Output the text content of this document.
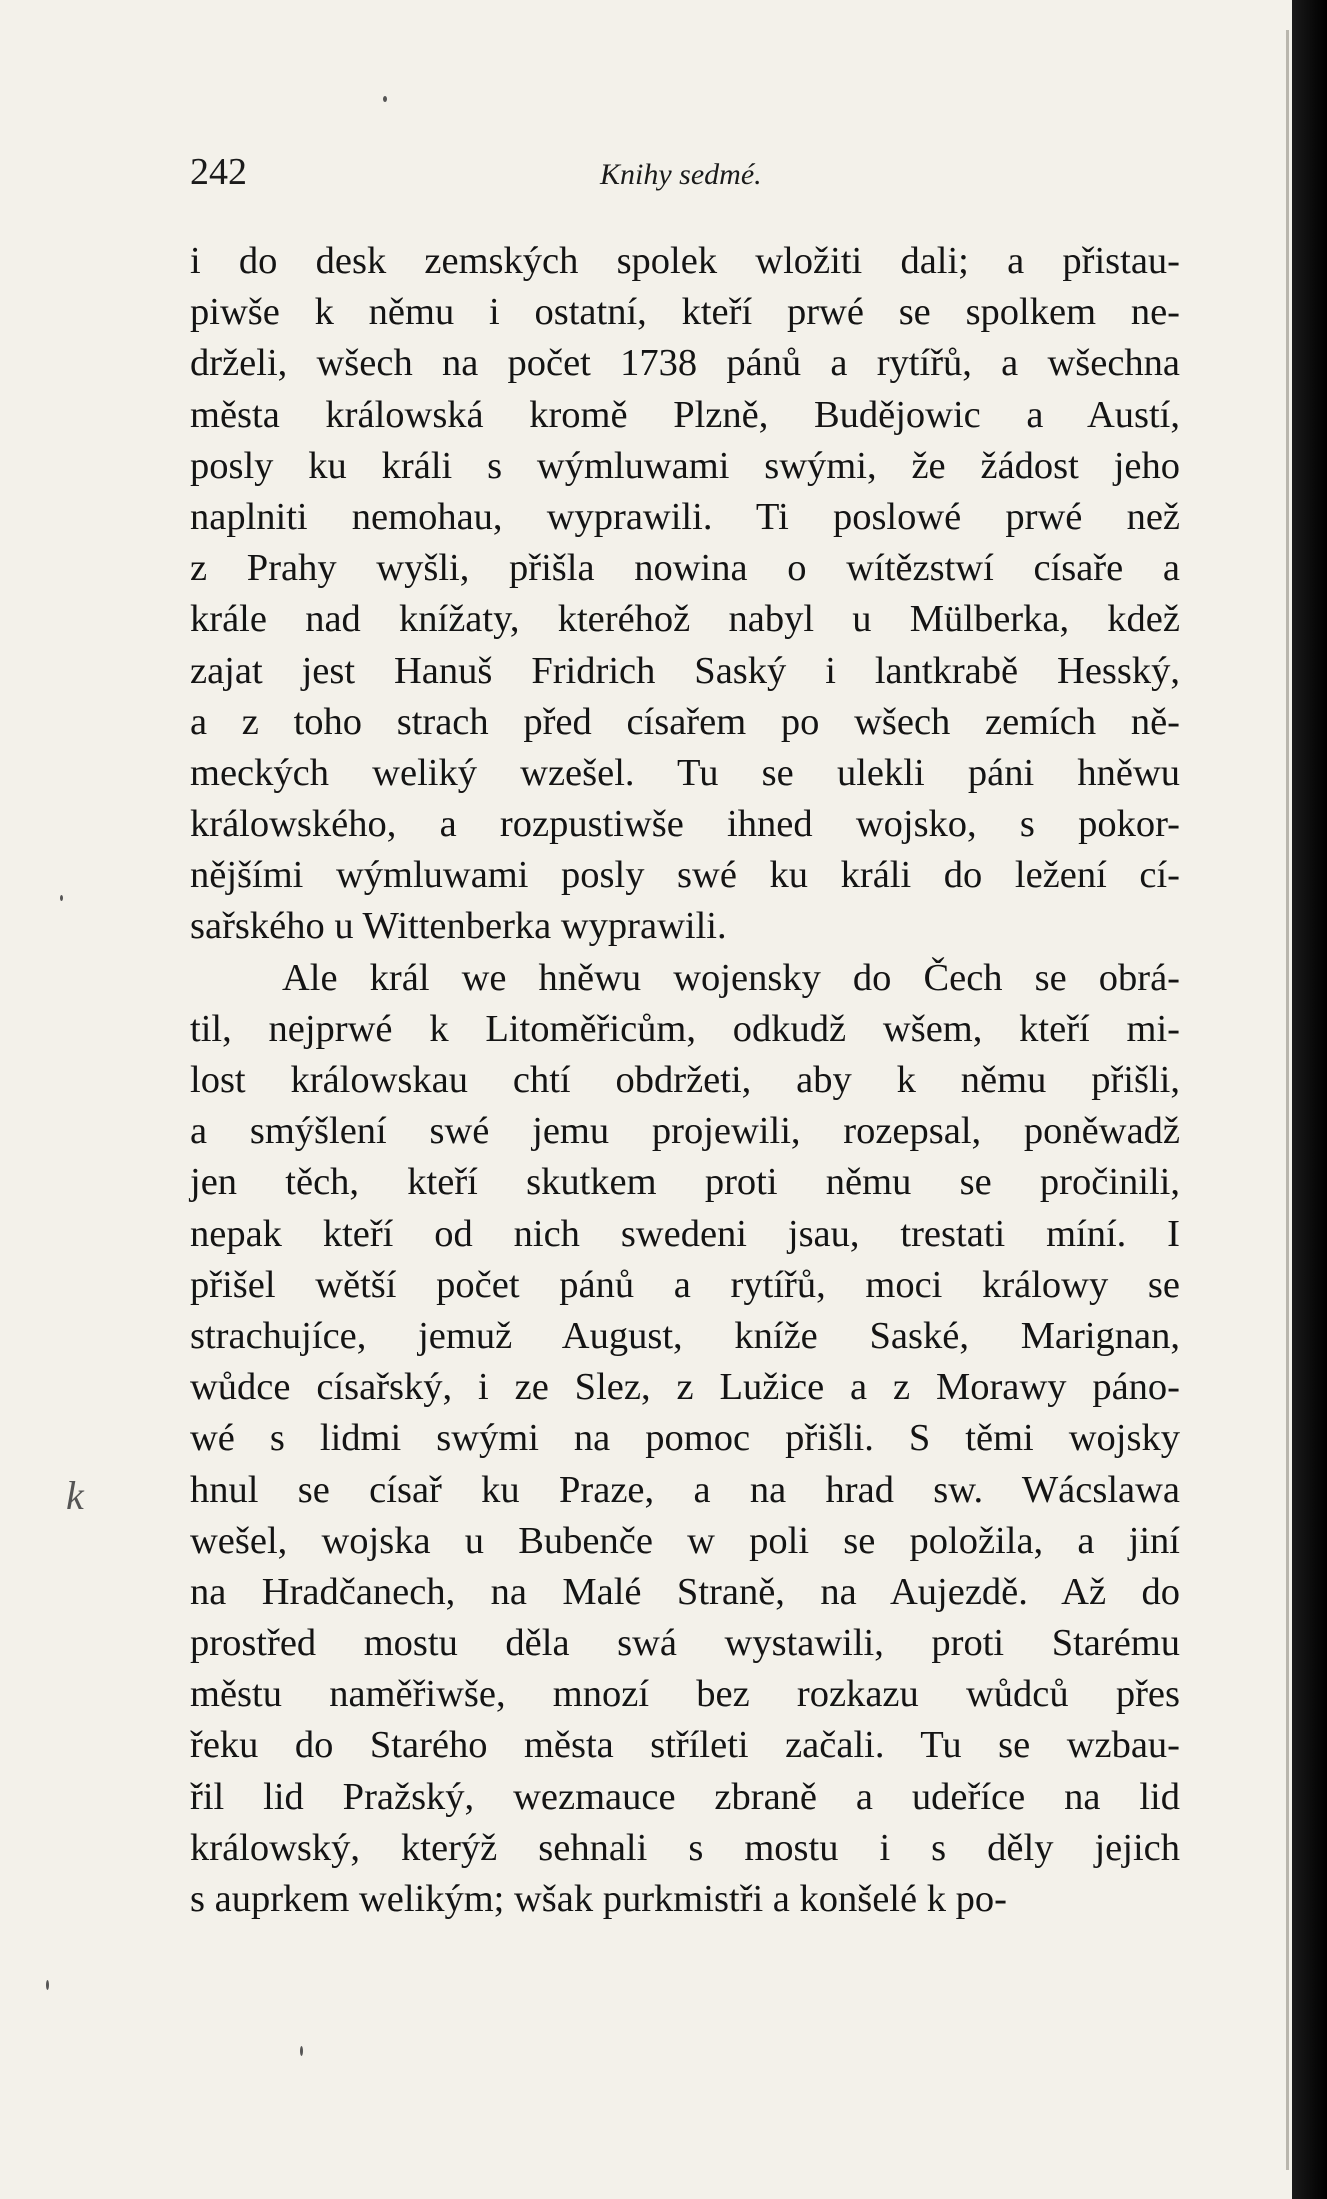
242	Knihy sedmé.
k
i do desk zemských spolek wložiti dali; a přistau-
piwše k němu i ostatní, kteří prwé se spolkem ne-
drželi, wšech na počet 1738 pánů a rytířů, a wšechna
města králowská kromě Plzně, Budějowic a Austí,
posly ku králi s wýmluwami swými, že žádost jeho
naplniti nemohau, wyprawili. Ti poslowé prwé než
z Prahy wyšli, přišla nowina o wítězstwí císaře a
krále nad knížaty, kteréhož nabyl u Mülberka, kdež
zajat jest Hanuš Fridrich Saský i lantkrabě Hesský,
a z toho strach před císařem po wšech zemích ně-
meckých weliký wzešel. Tu se ulekli páni hněwu
králowského, a rozpustiwše ihned wojsko, s pokor-
nějšími wýmluwami posly swé ku králi do ležení cí-
sařského u Wittenberka wyprawili.
Ale král we hněwu wojensky do Čech se obrá-
til, nejprwé k Litoměřicům, odkudž wšem, kteří mi-
lost králowskau chtí obdržeti, aby k němu přišli,
a smýšlení swé jemu projewili, rozepsal, poněwadž
jen těch, kteří skutkem proti němu se pročinili,
nepak kteří od nich swedeni jsau, trestati míní. I
přišel wětší počet pánů a rytířů, moci králowy se
strachujíce, jemuž August, kníže Saské, Marignan,
wůdce císařský, i ze Slez, z Lužice a z Morawy páno-
wé s lidmi swými na pomoc přišli. S těmi wojsky
hnul se císař ku Praze, a na hrad sw. Wácslawa
wešel, wojska u Bubenče w poli se položila, a jiní
na Hradčanech, na Malé Straně, na Aujezdě. Až do
prostřed mostu děla swá wystawili, proti Starému
městu naměřiwše, mnozí bez rozkazu wůdců přes
řeku do Starého města stříleti začali. Tu se wzbau-
řil lid Pražský, wezmauce zbraně a udeříce na lid
králowský, kterýž sehnali s mostu i s děly jejich
s auprkem welikým; wšak purkmistři a konšelé k po-
